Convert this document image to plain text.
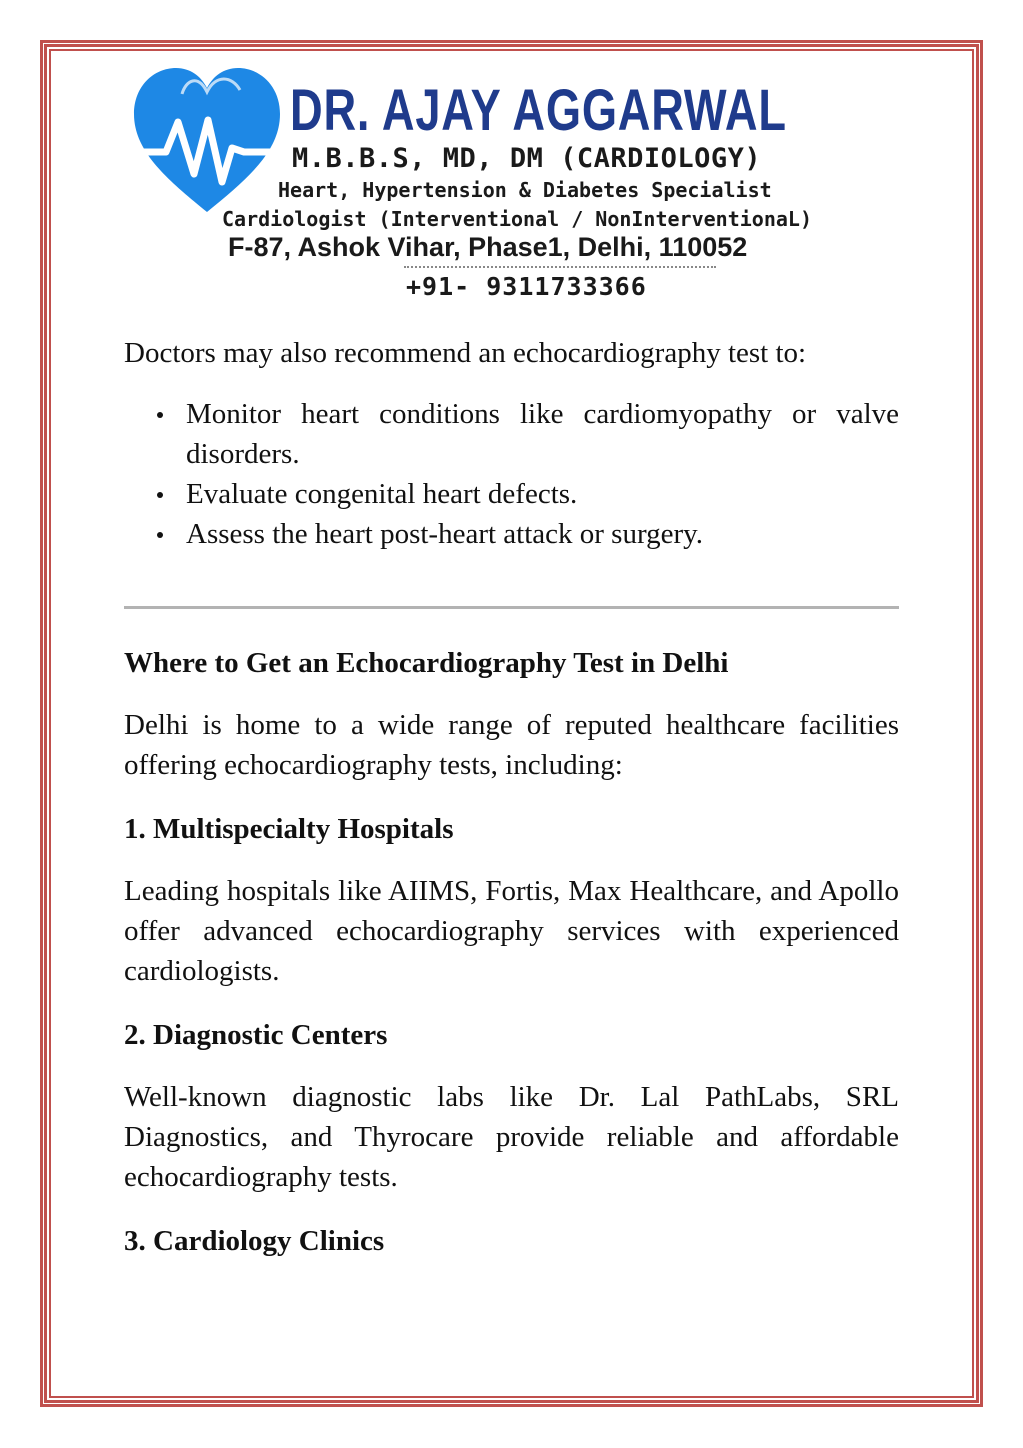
DR. AJAY AGGARWAL
M.B.B.S, MD, DM (CARDIOLOGY)
Heart, Hypertension & Diabetes Specialist
Cardiologist (Interventional / NonInterventionaL)
F-87, Ashok Vihar, Phase1, Delhi, 110052
+91- 9311733366

Doctors may also recommend an echocardiography test to:

Monitor heart conditions like cardiomyopathy or valve disorders.
Evaluate congenital heart defects.
Assess the heart post-heart attack or surgery.
Where to Get an Echocardiography Test in Delhi

Delhi is home to a wide range of reputed healthcare facilities offering echocardiography tests, including:

1. Multispecialty Hospitals

Leading hospitals like AIIMS, Fortis, Max Healthcare, and Apollo offer advanced echocardiography services with experienced cardiologists.

2. Diagnostic Centers

Well-known diagnostic labs like Dr. Lal PathLabs, SRL Diagnostics, and Thyrocare provide reliable and affordable echocardiography tests.

3. Cardiology Clinics
